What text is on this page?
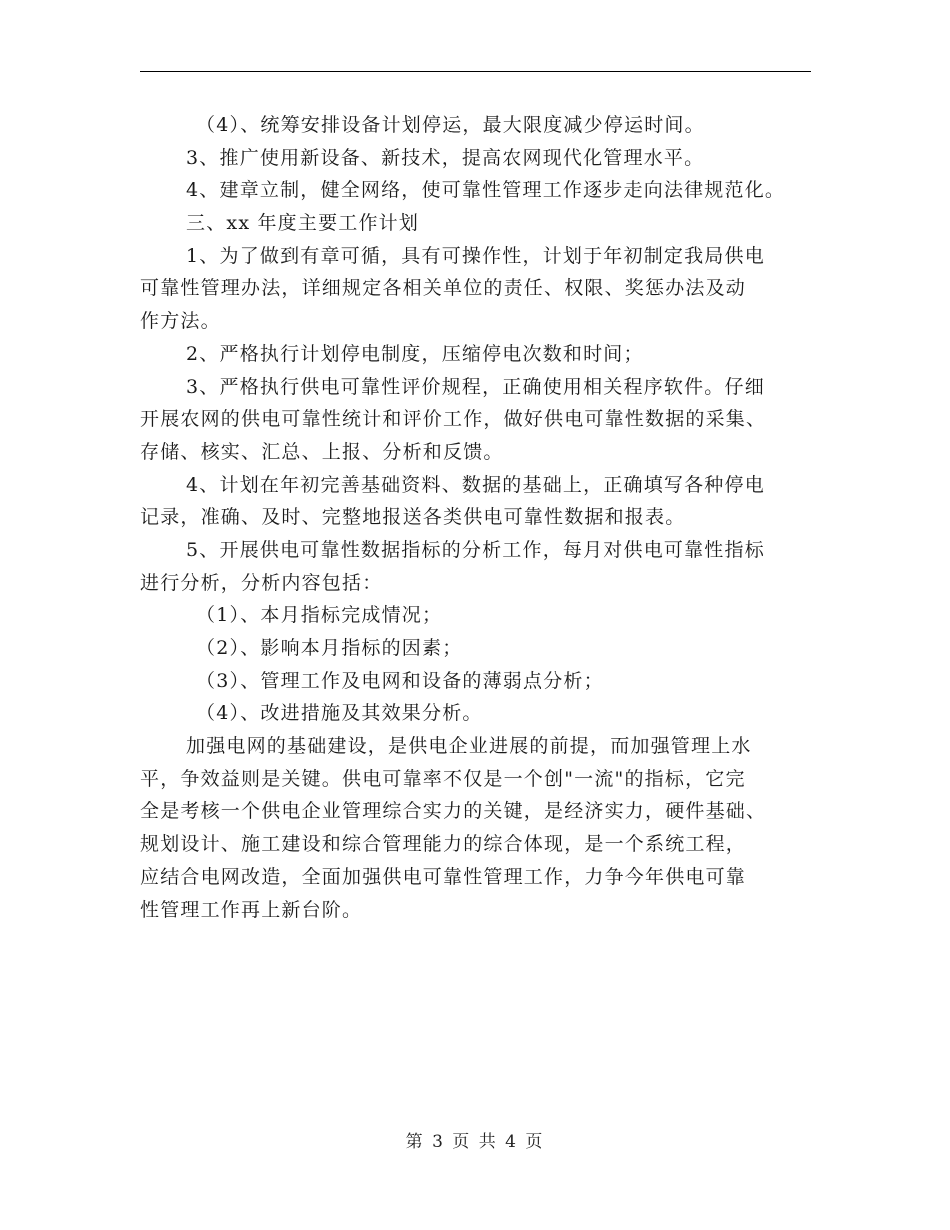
（4）、统筹安排设备计划停运，最大限度减少停运时间。
3、推广使用新设备、新技术，提高农网现代化管理水平。
4、建章立制，健全网络，使可靠性管理工作逐步走向法律规范化。
三、xx 年度主要工作计划
1、为了做到有章可循，具有可操作性，计划于年初制定我局供电
可靠性管理办法，详细规定各相关单位的责任、权限、奖惩办法及动
作方法。
2、严格执行计划停电制度，压缩停电次数和时间；
3、严格执行供电可靠性评价规程，正确使用相关程序软件。仔细
开展农网的供电可靠性统计和评价工作，做好供电可靠性数据的采集、
存储、核实、汇总、上报、分析和反馈。
4、计划在年初完善基础资料、数据的基础上，正确填写各种停电
记录，准确、及时、完整地报送各类供电可靠性数据和报表。
5、开展供电可靠性数据指标的分析工作，每月对供电可靠性指标
进行分析，分析内容包括：
（1）、本月指标完成情况；
（2）、影响本月指标的因素；
（3）、管理工作及电网和设备的薄弱点分析；
（4）、改进措施及其效果分析。
加强电网的基础建设，是供电企业进展的前提，而加强管理上水
平，争效益则是关键。供电可靠率不仅是一个创"一流"的指标，它完
全是考核一个供电企业管理综合实力的关键，是经济实力，硬件基础、
规划设计、施工建设和综合管理能力的综合体现，是一个系统工程，
应结合电网改造，全面加强供电可靠性管理工作，力争今年供电可靠
性管理工作再上新台阶。
第 3 页 共 4 页
